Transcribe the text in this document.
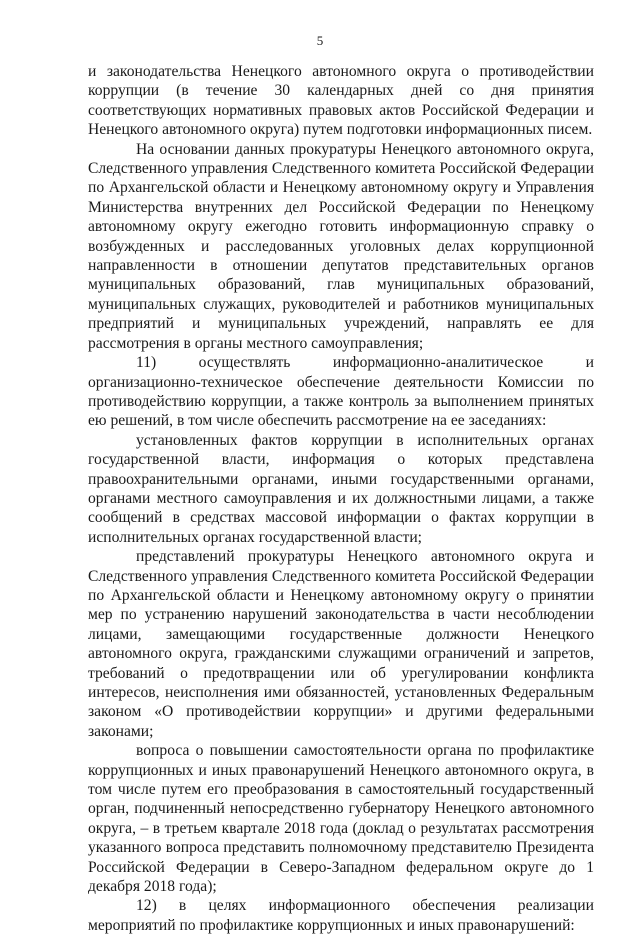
5

и законодательства Ненецкого автономного округа о противодействии коррупции (в течение 30 календарных дней со дня принятия соответствующих нормативных правовых актов Российской Федерации и Ненецкого автономного округа) путем подготовки информационных писем.

На основании данных прокуратуры Ненецкого автономного округа, Следственного управления Следственного комитета Российской Федерации по Архангельской области и Ненецкому автономному округу и Управления Министерства внутренних дел Российской Федерации по Ненецкому автономному округу ежегодно готовить информационную справку о возбужденных и расследованных уголовных делах коррупционной направленности в отношении депутатов представительных органов муниципальных образований, глав муниципальных образований, муниципальных служащих, руководителей и работников муниципальных предприятий и муниципальных учреждений, направлять ее для рассмотрения в органы местного самоуправления;

11) осуществлять информационно-аналитическое и организационно-техническое обеспечение деятельности Комиссии по противодействию коррупции, а также контроль за выполнением принятых ею решений, в том числе обеспечить рассмотрение на ее заседаниях:

установленных фактов коррупции в исполнительных органах государственной власти, информация о которых представлена правоохранительными органами, иными государственными органами, органами местного самоуправления и их должностными лицами, а также сообщений в средствах массовой информации о фактах коррупции в исполнительных органах государственной власти;

представлений прокуратуры Ненецкого автономного округа и Следственного управления Следственного комитета Российской Федерации по Архангельской области и Ненецкому автономному округу о принятии мер по устранению нарушений законодательства в части несоблюдении лицами, замещающими государственные должности Ненецкого автономного округа, гражданскими служащими ограничений и запретов, требований о предотвращении или об урегулировании конфликта интересов, неисполнения ими обязанностей, установленных Федеральным законом «О противодействии коррупции» и другими федеральными законами;

вопроса о повышении самостоятельности органа по профилактике коррупционных и иных правонарушений Ненецкого автономного округа, в том числе путем его преобразования в самостоятельный государственный орган, подчиненный непосредственно губернатору Ненецкого автономного округа, – в третьем квартале 2018 года (доклад о результатах рассмотрения указанного вопроса представить полномочному представителю Президента Российской Федерации в Северо-Западном федеральном округе до 1 декабря 2018 года);

12) в целях информационного обеспечения реализации мероприятий по профилактике коррупционных и иных правонарушений:
